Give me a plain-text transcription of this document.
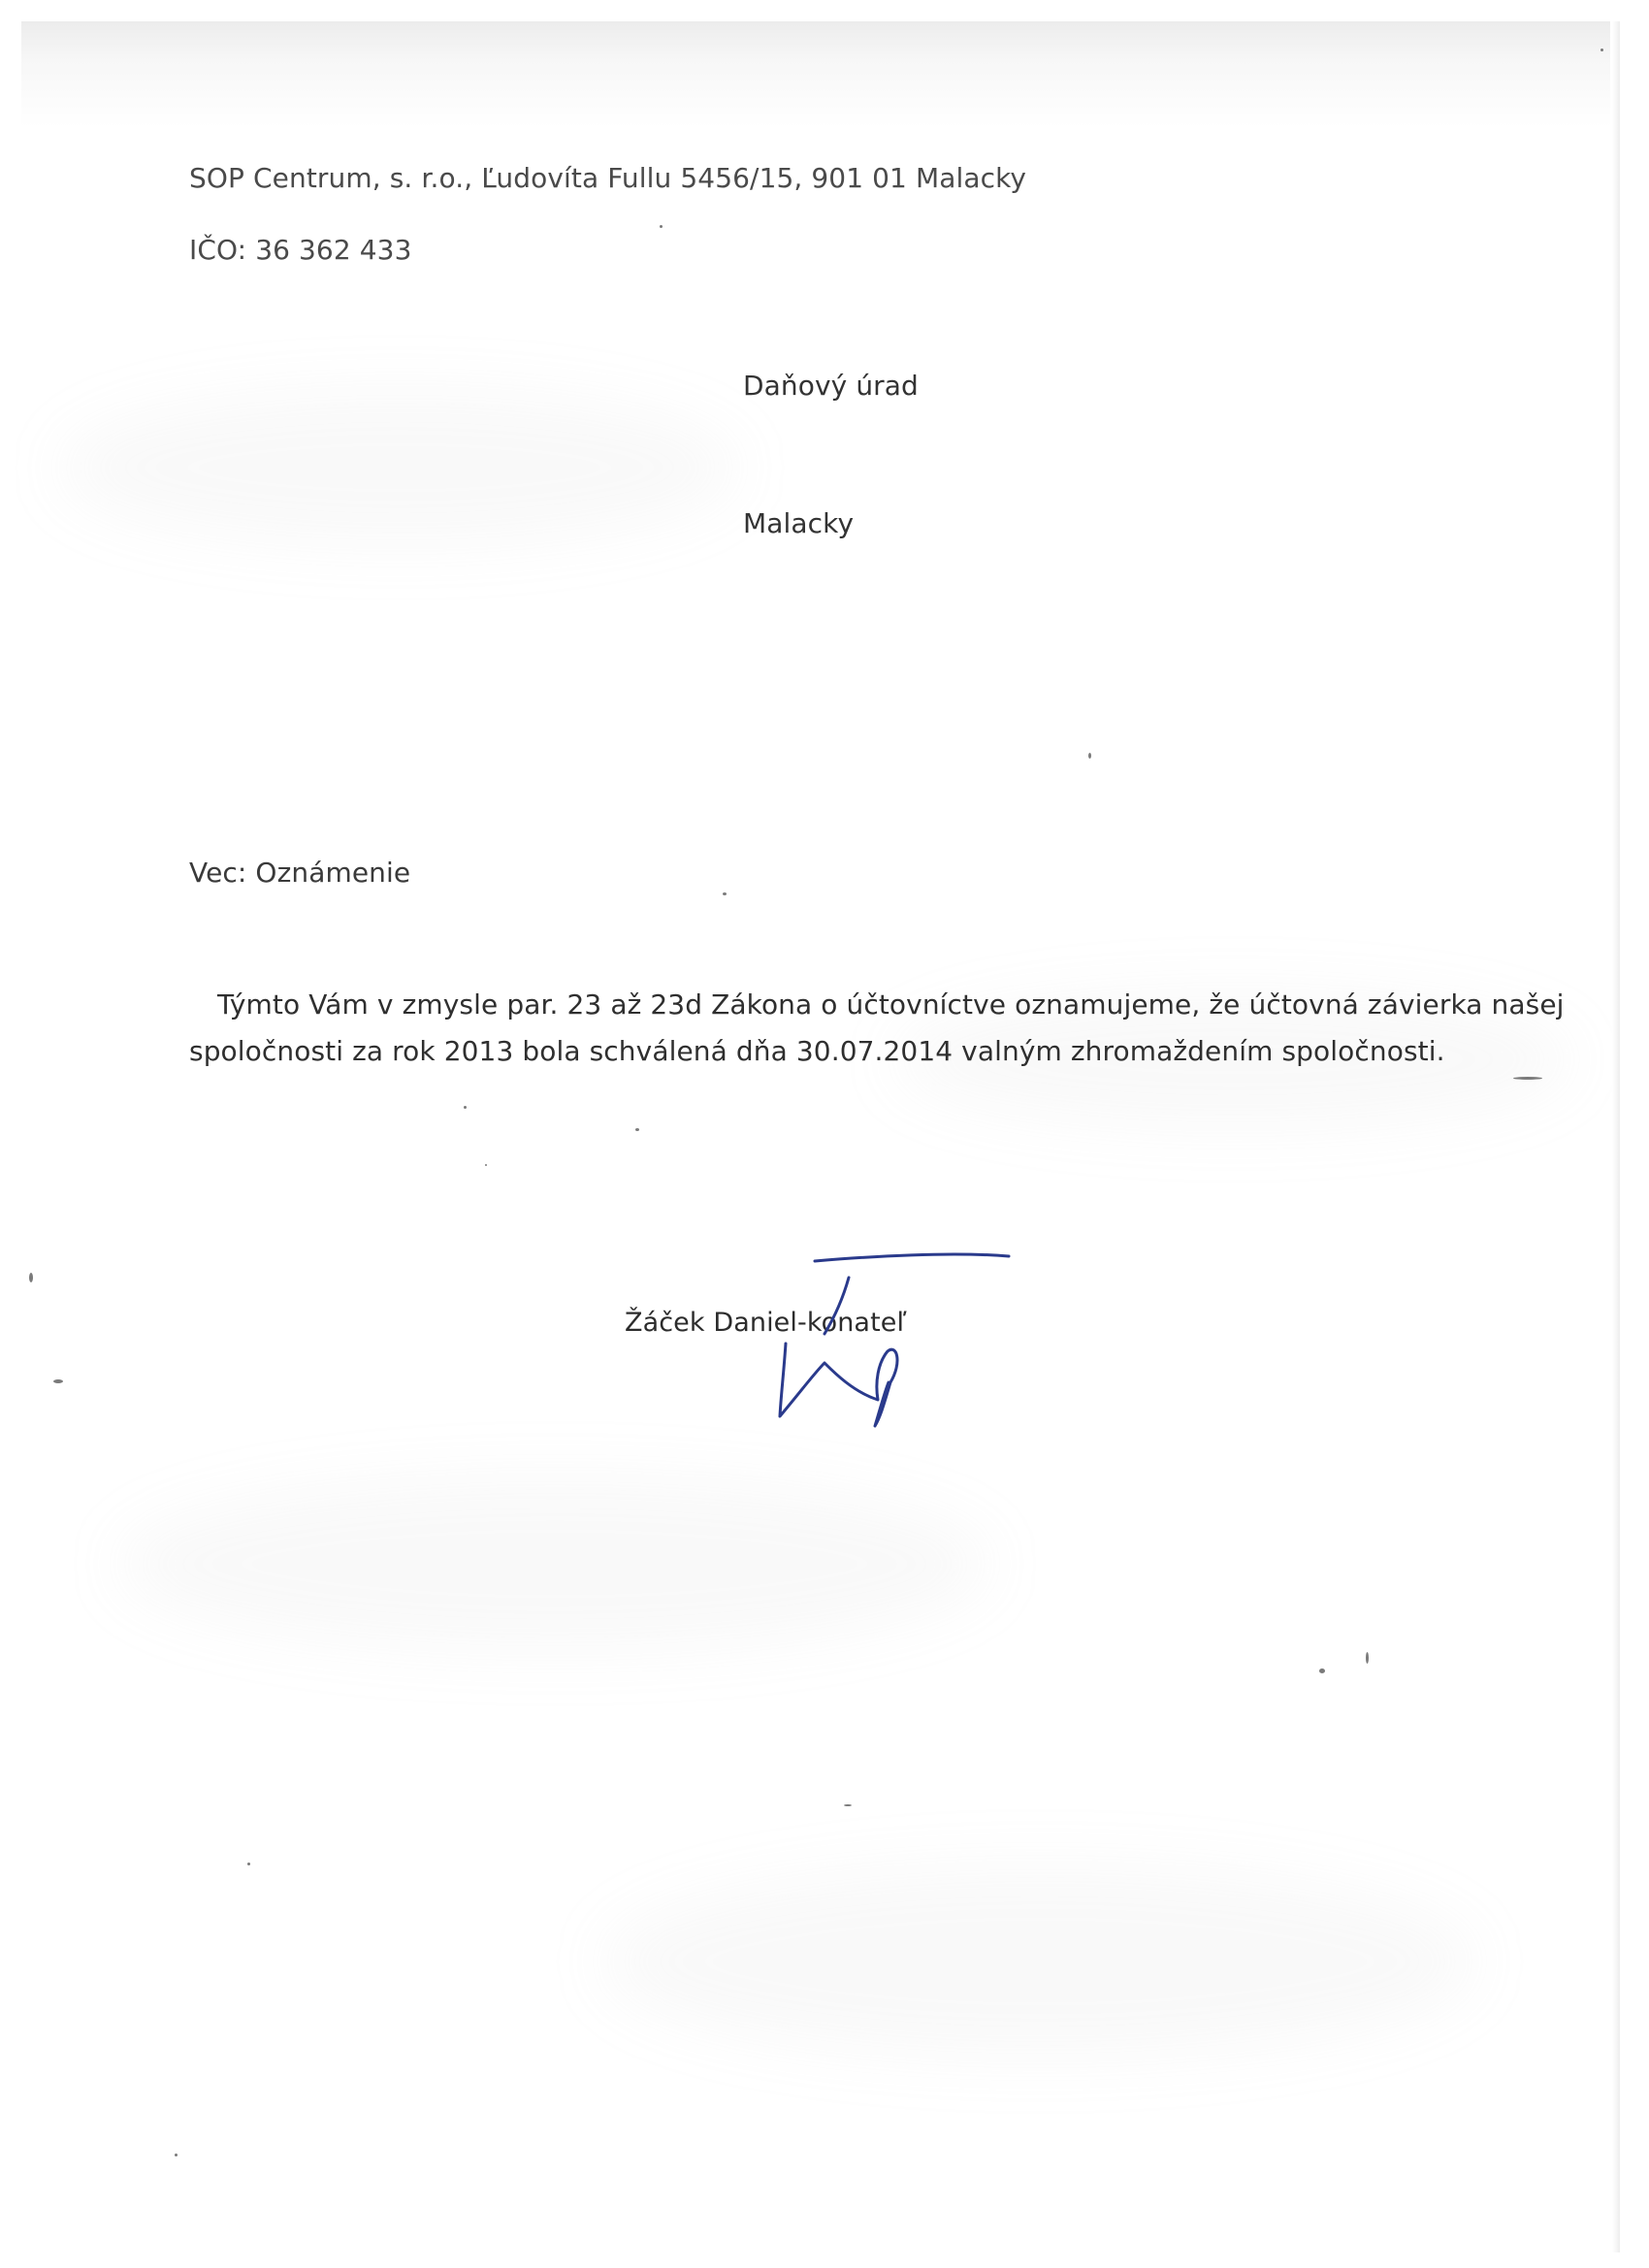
SOP Centrum, s. r.o., Ľudovíta Fullu 5456/15, 901 01 Malacky
IČO: 36 362 433
Daňový úrad
Malacky
Vec: Oznámenie
Týmto Vám v zmysle par. 23 až 23d Zákona o účtovníctve oznamujeme, že účtovná závierka našej
spoločnosti za rok 2013 bola schválená dňa 30.07.2014 valným zhromaždením spoločnosti.
Žáček Daniel-konateľ
